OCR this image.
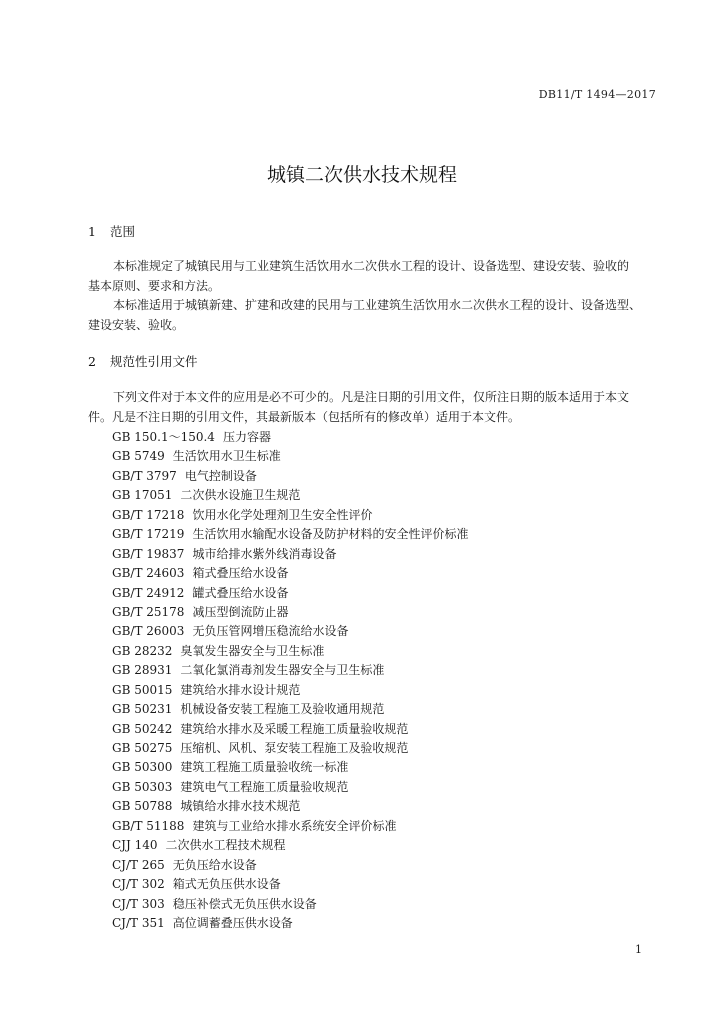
DB11/T 1494—2017
城镇二次供水技术规程
1 范围
本标准规定了城镇民用与工业建筑生活饮用水二次供水工程的设计、设备选型、建设安装、验收的
基本原则、要求和方法。
本标准适用于城镇新建、扩建和改建的民用与工业建筑生活饮用水二次供水工程的设计、设备选型、
建设安装、验收。
2 规范性引用文件
下列文件对于本文件的应用是必不可少的。凡是注日期的引用文件，仅所注日期的版本适用于本文
件。凡是不注日期的引用文件，其最新版本（包括所有的修改单）适用于本文件。
GB 150.1～150.4 压力容器
GB 5749 生活饮用水卫生标准
GB/T 3797 电气控制设备
GB 17051 二次供水设施卫生规范
GB/T 17218 饮用水化学处理剂卫生安全性评价
GB/T 17219 生活饮用水输配水设备及防护材料的安全性评价标准
GB/T 19837 城市给排水紫外线消毒设备
GB/T 24603 箱式叠压给水设备
GB/T 24912 罐式叠压给水设备
GB/T 25178 减压型倒流防止器
GB/T 26003 无负压管网增压稳流给水设备
GB 28232 臭氧发生器安全与卫生标准
GB 28931 二氧化氯消毒剂发生器安全与卫生标准
GB 50015 建筑给水排水设计规范
GB 50231 机械设备安装工程施工及验收通用规范
GB 50242 建筑给水排水及采暖工程施工质量验收规范
GB 50275 压缩机、风机、泵安装工程施工及验收规范
GB 50300 建筑工程施工质量验收统一标准
GB 50303 建筑电气工程施工质量验收规范
GB 50788 城镇给水排水技术规范
GB/T 51188 建筑与工业给水排水系统安全评价标准
CJJ 140 二次供水工程技术规程
CJ/T 265 无负压给水设备
CJ/T 302 箱式无负压供水设备
CJ/T 303 稳压补偿式无负压供水设备
CJ/T 351 高位调蓄叠压供水设备
1
